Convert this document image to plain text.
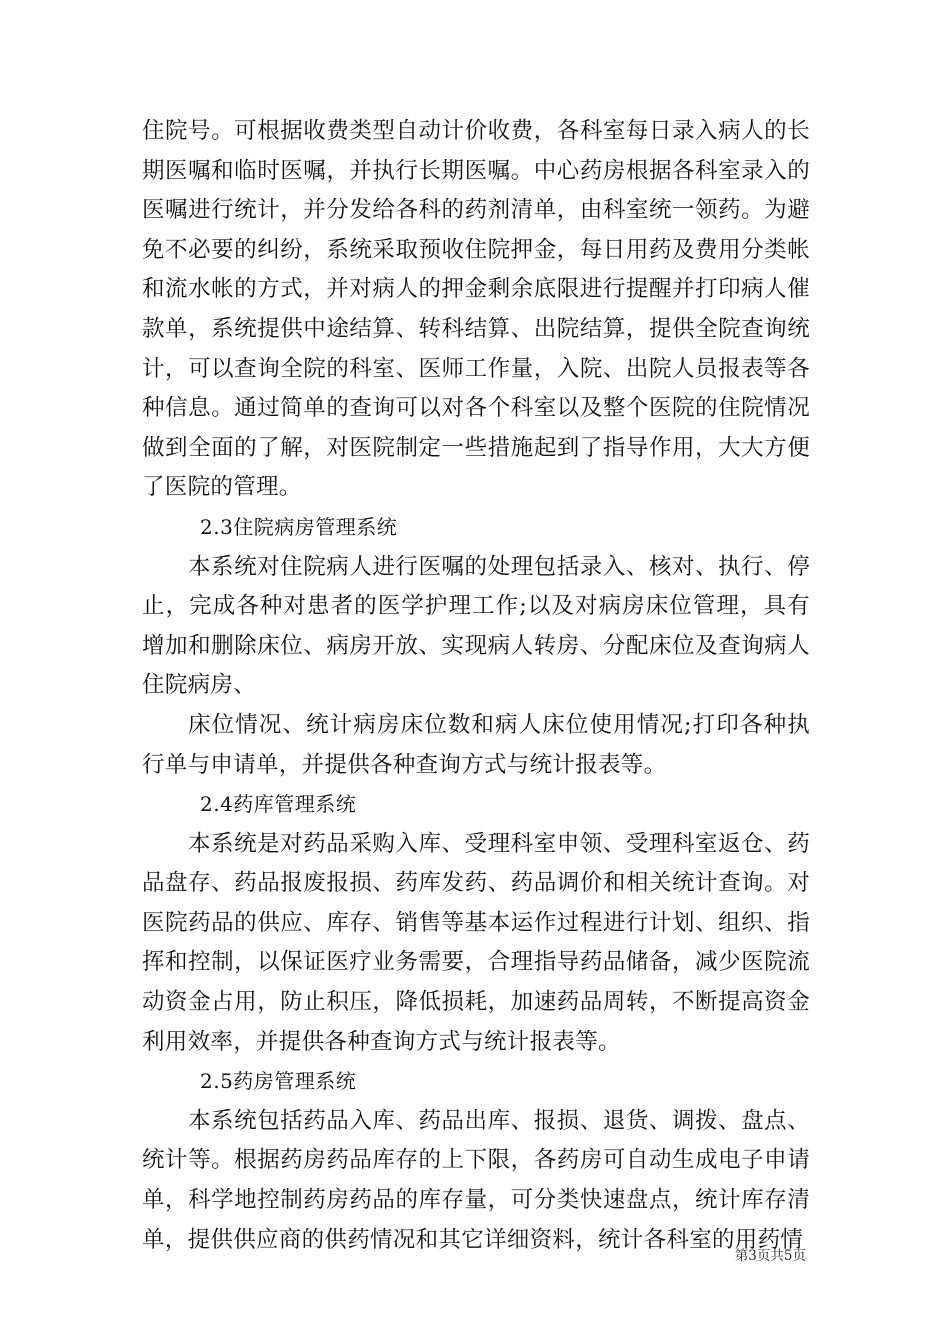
住院号。可根据收费类型自动计价收费，各科室每日录入病人的长期医嘱和临时医嘱，并执行长期医嘱。中心药房根据各科室录入的医嘱进行统计，并分发给各科的药剂清单，由科室统一领药。为避免不必要的纠纷，系统采取预收住院押金，每日用药及费用分类帐和流水帐的方式，并对病人的押金剩余底限进行提醒并打印病人催款单，系统提供中途结算、转科结算、出院结算，提供全院查询统计，可以查询全院的科室、医师工作量，入院、出院人员报表等各种信息。通过简单的查询可以对各个科室以及整个医院的住院情况做到全面的了解，对医院制定一些措施起到了指导作用，大大方便了医院的管理。

2.3住院病房管理系统

本系统对住院病人进行医嘱的处理包括录入、核对、执行、停止，完成各种对患者的医学护理工作;以及对病房床位管理，具有增加和删除床位、病房开放、实现病人转房、分配床位及查询病人住院病房、

床位情况、统计病房床位数和病人床位使用情况;打印各种执行单与申请单，并提供各种查询方式与统计报表等。

2.4药库管理系统

本系统是对药品采购入库、受理科室申领、受理科室返仓、药品盘存、药品报废报损、药库发药、药品调价和相关统计查询。对医院药品的供应、库存、销售等基本运作过程进行计划、组织、指挥和控制，以保证医疗业务需要，合理指导药品储备，减少医院流动资金占用，防止积压，降低损耗，加速药品周转，不断提高资金利用效率，并提供各种查询方式与统计报表等。

2.5药房管理系统

本系统包括药品入库、药品出库、报损、退货、调拨、盘点、统计等。根据药房药品库存的上下限，各药房可自动生成电子申请单，科学地控制药房药品的库存量，可分类快速盘点，统计库存清单，提供供应商的供药情况和其它详细资料，统计各科室的用药情

第3页共5页
